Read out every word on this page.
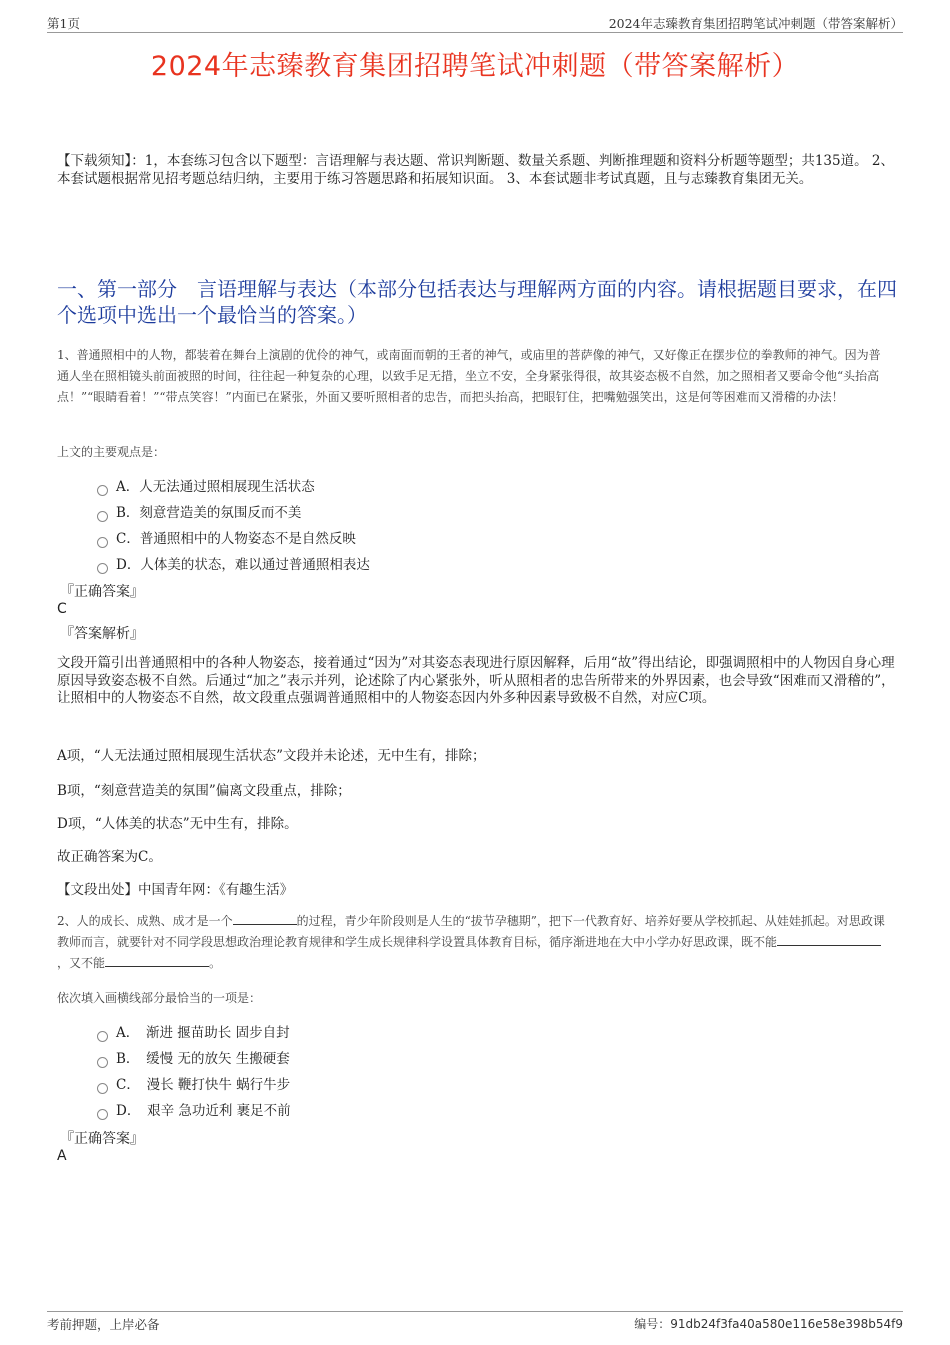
第1页	2024年志臻教育集团招聘笔试冲刺题（带答案解析）
2024年志臻教育集团招聘笔试冲刺题（带答案解析）
【下载须知】：1，本套练习包含以下题型：言语理解与表达题、常识判断题、数量关系题、判断推理题和资料分析题等题型；共135道。 2、本套试题根据常见招考题总结归纳，主要用于练习答题思路和拓展知识面。 3、本套试题非考试真题，且与志臻教育集团无关。
一、第一部分　言语理解与表达（本部分包括表达与理解两方面的内容。请根据题目要求，在四个选项中选出一个最恰当的答案。）
1、普通照相中的人物，都装着在舞台上演剧的优伶的神气，或南面而朝的王者的神气，或庙里的菩萨像的神气，又好像正在摆步位的拳教师的神气。因为普通人坐在照相镜头前面被照的时间，往往起一种复杂的心理，以致手足无措，坐立不安，全身紧张得很，故其姿态极不自然，加之照相者又要命令他“头抬高点！”“眼睛看着！”“带点笑容！”内面已在紧张，外面又要听照相者的忠告，而把头抬高，把眼钉住，把嘴勉强笑出，这是何等困难而又滑稽的办法！
上文的主要观点是：
A．人无法通过照相展现生活状态
B．刻意营造美的氛围反而不美
C．普通照相中的人物姿态不是自然反映
D．人体美的状态，难以通过普通照相表达
『正确答案』
C
『答案解析』
文段开篇引出普通照相中的各种人物姿态，接着通过“因为”对其姿态表现进行原因解释，后用“故”得出结论，即强调照相中的人物因自身心理原因导致姿态极不自然。后通过“加之”表示并列，论述除了内心紧张外，听从照相者的忠告所带来的外界因素，也会导致“困难而又滑稽的”，让照相中的人物姿态不自然，故文段重点强调普通照相中的人物姿态因内外多种因素导致极不自然，对应C项。
A项，“人无法通过照相展现生活状态”文段并未论述，无中生有，排除；
B项，“刻意营造美的氛围”偏离文段重点，排除；
D项，“人体美的状态”无中生有，排除。
故正确答案为C。
【文段出处】中国青年网：《有趣生活》
2、人的成长、成熟、成才是一个	的过程，青少年阶段则是人生的“拔节孕穗期”，把下一代教育好、培养好要从学校抓起、从娃娃抓起。对思政课教师而言，就要针对不同学段思想政治理论教育规律和学生成长规律科学设置具体教育目标，循序渐进地在大中小学办好思政课，既不能，又不能	。
依次填入画横线部分最恰当的一项是：
A．　渐进 揠苗助长 固步自封
B．　缓慢 无的放矢 生搬硬套
C．　漫长 鞭打快牛 蜗行牛步
D．　艰辛 急功近利 裹足不前
『正确答案』
A
考前押题，上岸必备	编号：91db24f3fa40a580e116e58e398b54f9
